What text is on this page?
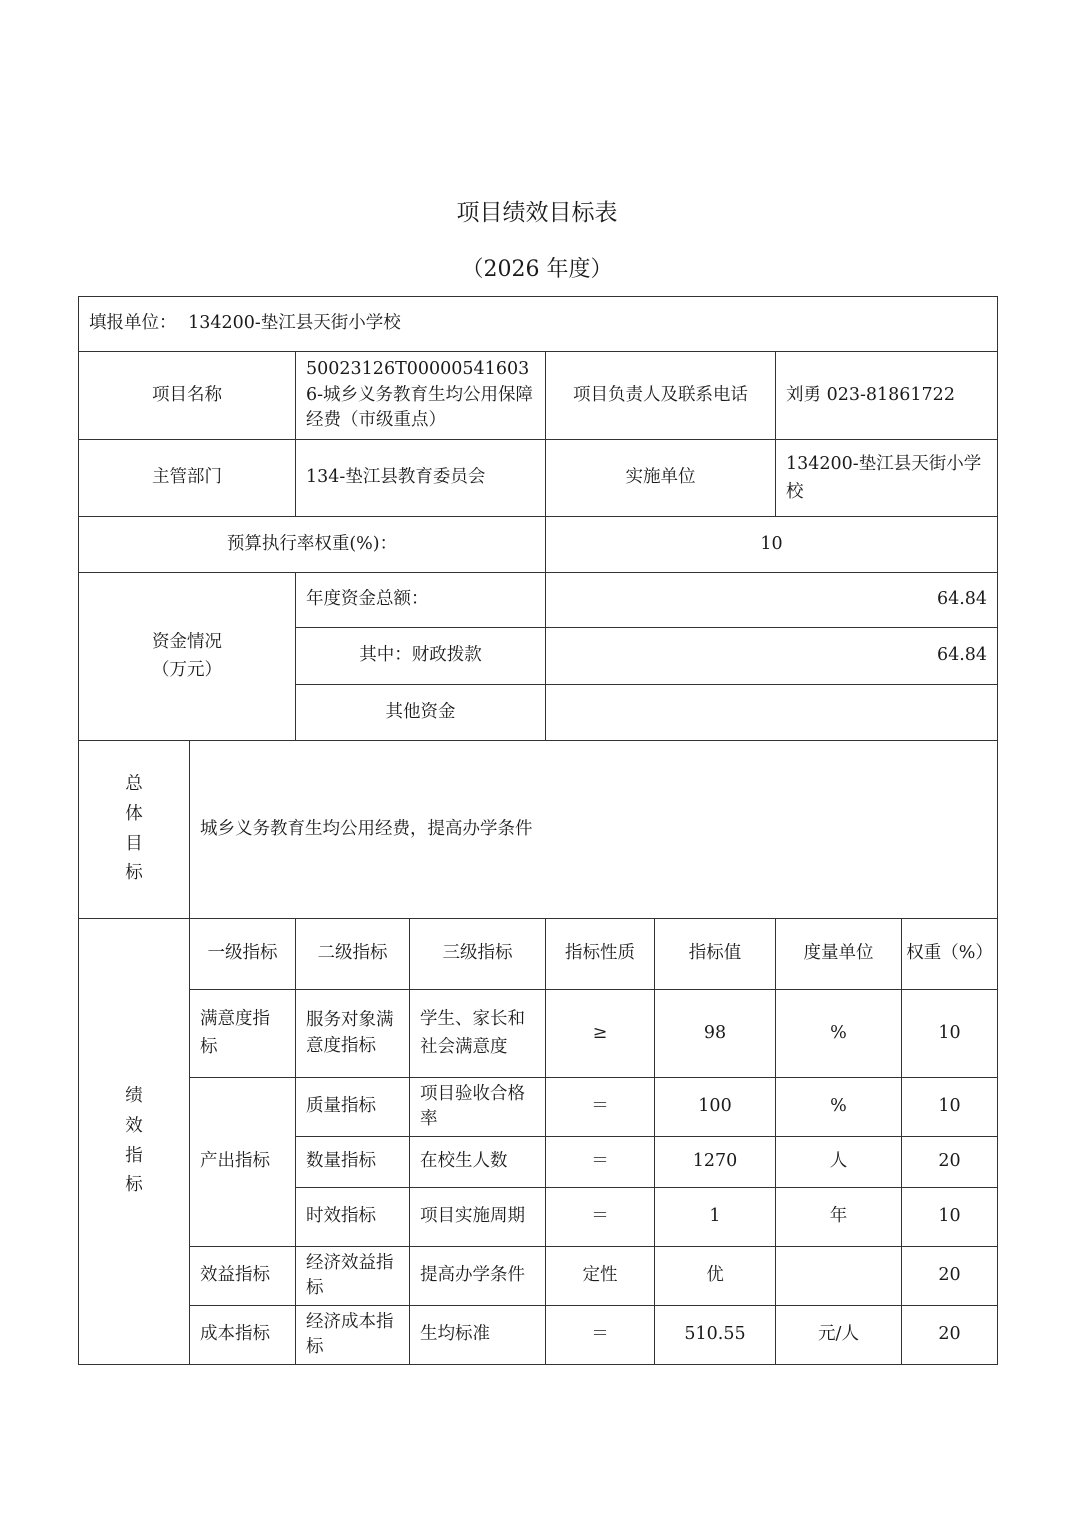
项目绩效目标表
（2026 年度）
填报单位： 134200-垫江县天街小学校							
项目名称		50023126T000005416036-城乡义务教育生均公用保障经费（市级重点）		项目负责人及联系电话		刘勇 023-81861722	
主管部门		134-垫江县教育委员会		实施单位		134200-垫江县天街小学校	
预算执行率权重(%)：				10			

资金情况
（万元）		年度资金总额：		64.84			
		其中：财政拨款		64.84			
		其他资金					

总
体
目
标	城乡义务教育生均公用经费，提高办学条件						

绩
效
指
标	一级指标	二级指标	三级指标	指标性质	指标值	度量单位	权重（%）
	满意度指标	服务对象满意度指标	学生、家长和社会满意度	≥	98	%	10
	产出指标	质量指标	项目验收合格率	＝	100	%	10
		数量指标	在校生人数	＝	1270	人	20
		时效指标	项目实施周期	＝	1	年	10
	效益指标	经济效益指标	提高办学条件	定性	优		20
	成本指标	经济成本指标	生均标准	＝	510.55	元/人	20
